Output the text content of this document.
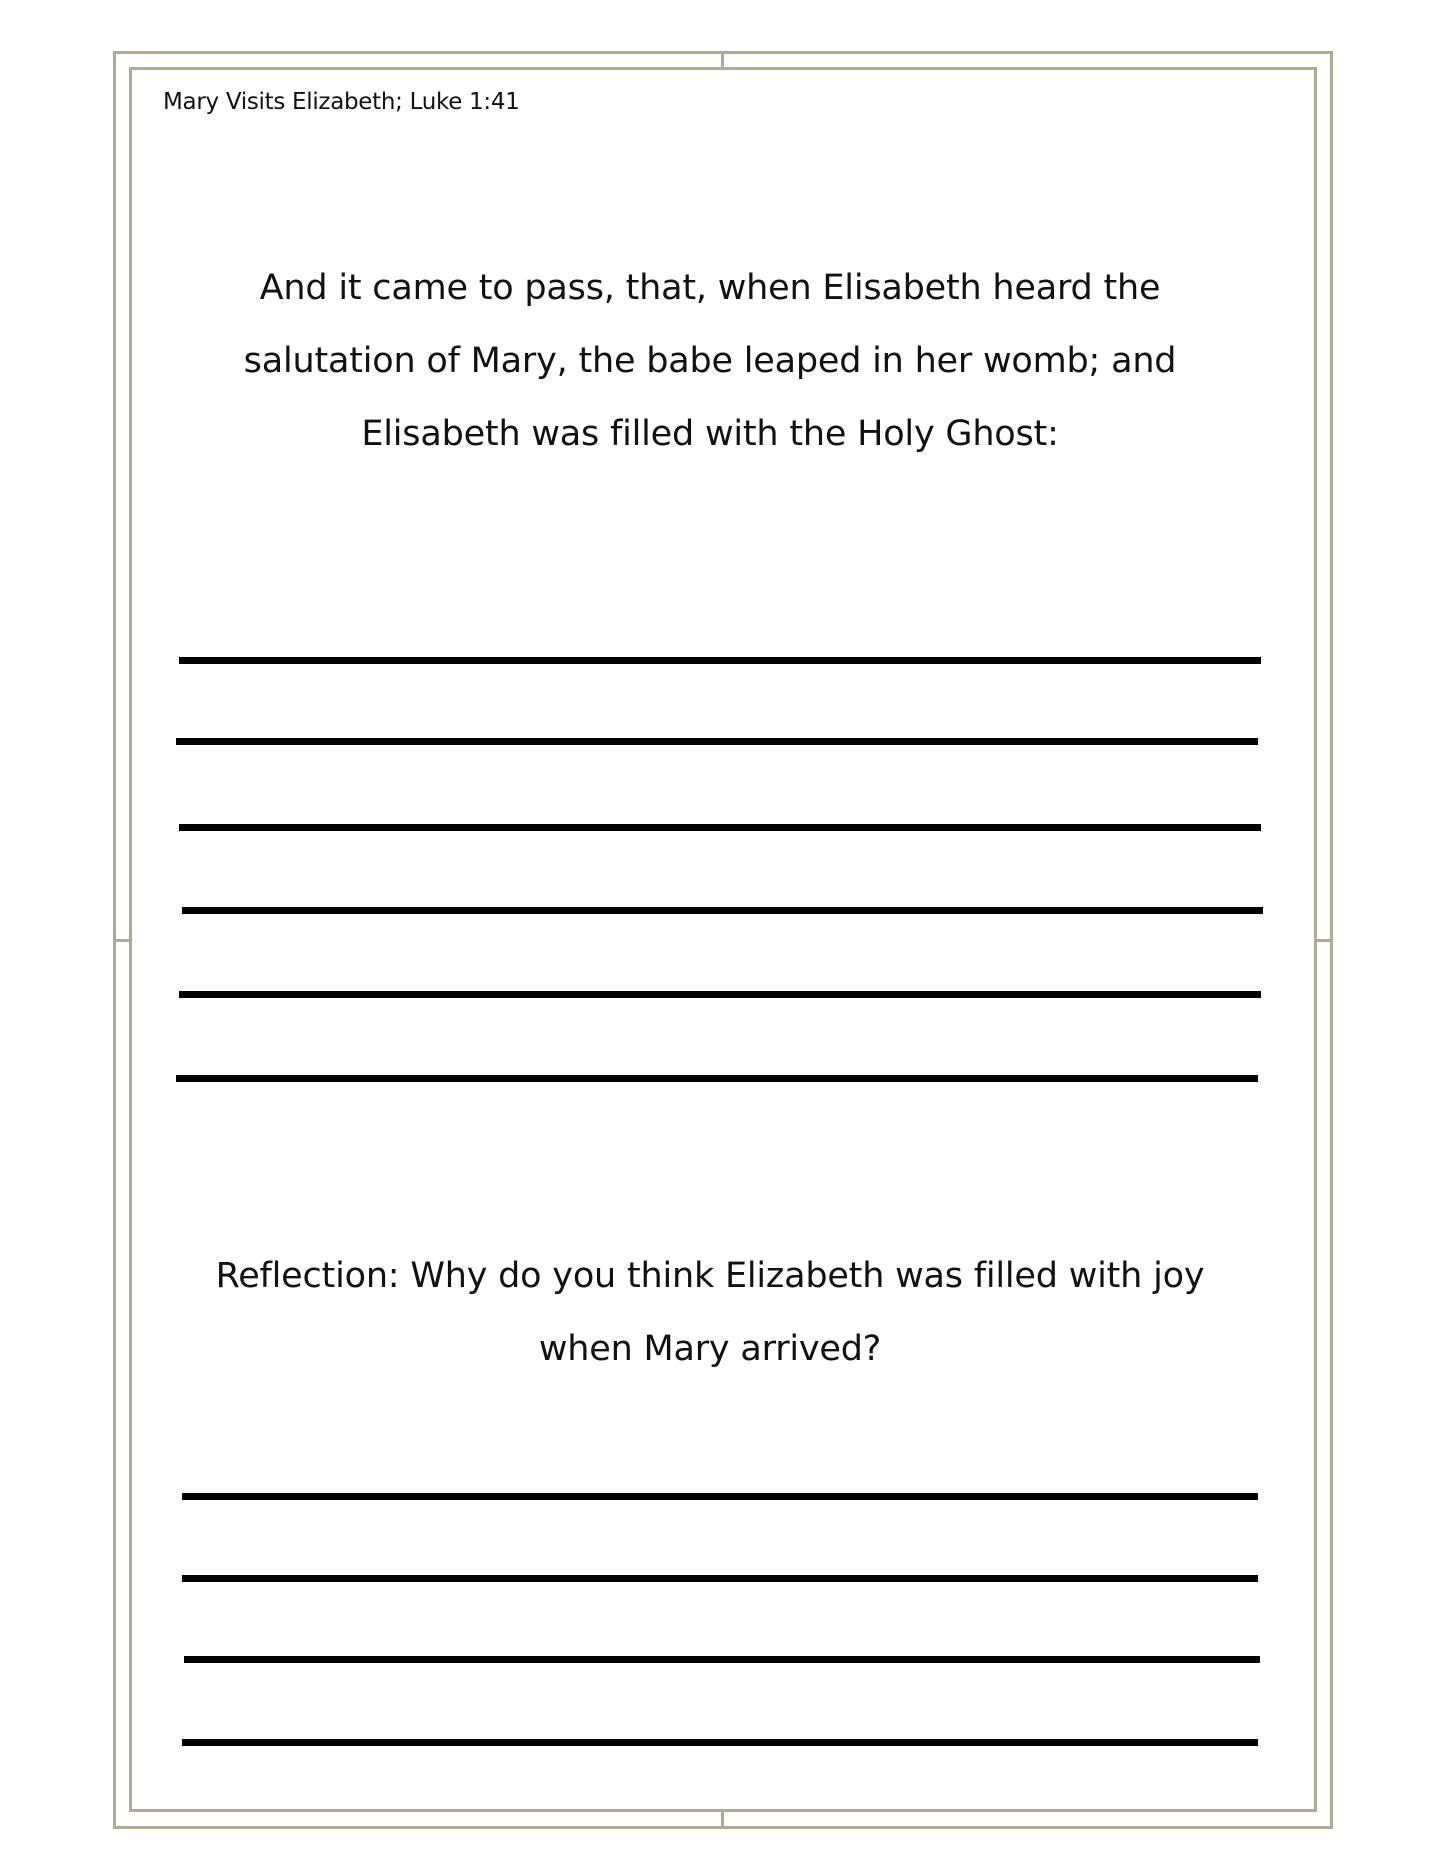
Mary Visits Elizabeth; Luke 1:41
And it came to pass, that, when Elisabeth heard the
salutation of Mary, the babe leaped in her womb; and
Elisabeth was filled with the Holy Ghost:
Reflection: Why do you think Elizabeth was filled with joy
when Mary arrived?
